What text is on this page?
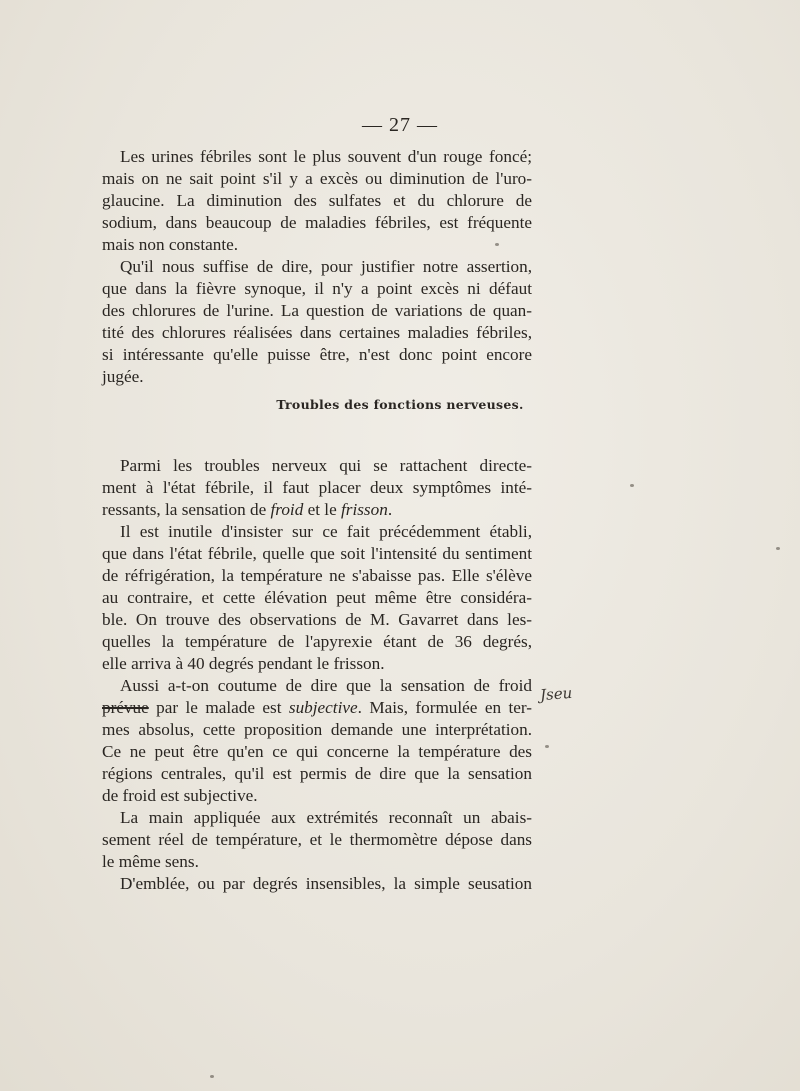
— 27 —
Les urines fébriles sont le plus souvent d'un rouge foncé;
mais on ne sait point s'il y a excès ou diminution de l'uro-
glaucine. La diminution des sulfates et du chlorure de
sodium, dans beaucoup de maladies fébriles, est fréquente
mais non constante.
Qu'il nous suffise de dire, pour justifier notre assertion,
que dans la fièvre synoque, il n'y a point excès ni défaut
des chlorures de l'urine. La question de variations de quan-
tité des chlorures réalisées dans certaines maladies fébriles,
si intéressante qu'elle puisse être, n'est donc point encore
jugée.
Troubles des fonctions nerveuses.
Parmi les troubles nerveux qui se rattachent directe-
ment à l'état fébrile, il faut placer deux symptômes inté-
ressants, la sensation de froid et le frisson.
Il est inutile d'insister sur ce fait précédemment établi,
que dans l'état fébrile, quelle que soit l'intensité du sentiment
de réfrigération, la température ne s'abaisse pas. Elle s'élève
au contraire, et cette élévation peut même être considéra-
ble. On trouve des observations de M. Gavarret dans les-
quelles la température de l'apyrexie étant de 36 degrés,
elle arriva à 40 degrés pendant le frisson.
Aussi a-t-on coutume de dire que la sensation de froid
prévue par le malade est subjective. Mais, formulée en ter-
mes absolus, cette proposition demande une interprétation.
Ce ne peut être qu'en ce qui concerne la température des
régions centrales, qu'il est permis de dire que la sensation
de froid est subjective.
Jseu
La main appliquée aux extrémités reconnaît un abais-
sement réel de température, et le thermomètre dépose dans
le même sens.
D'emblée, ou par degrés insensibles, la simple seusation
